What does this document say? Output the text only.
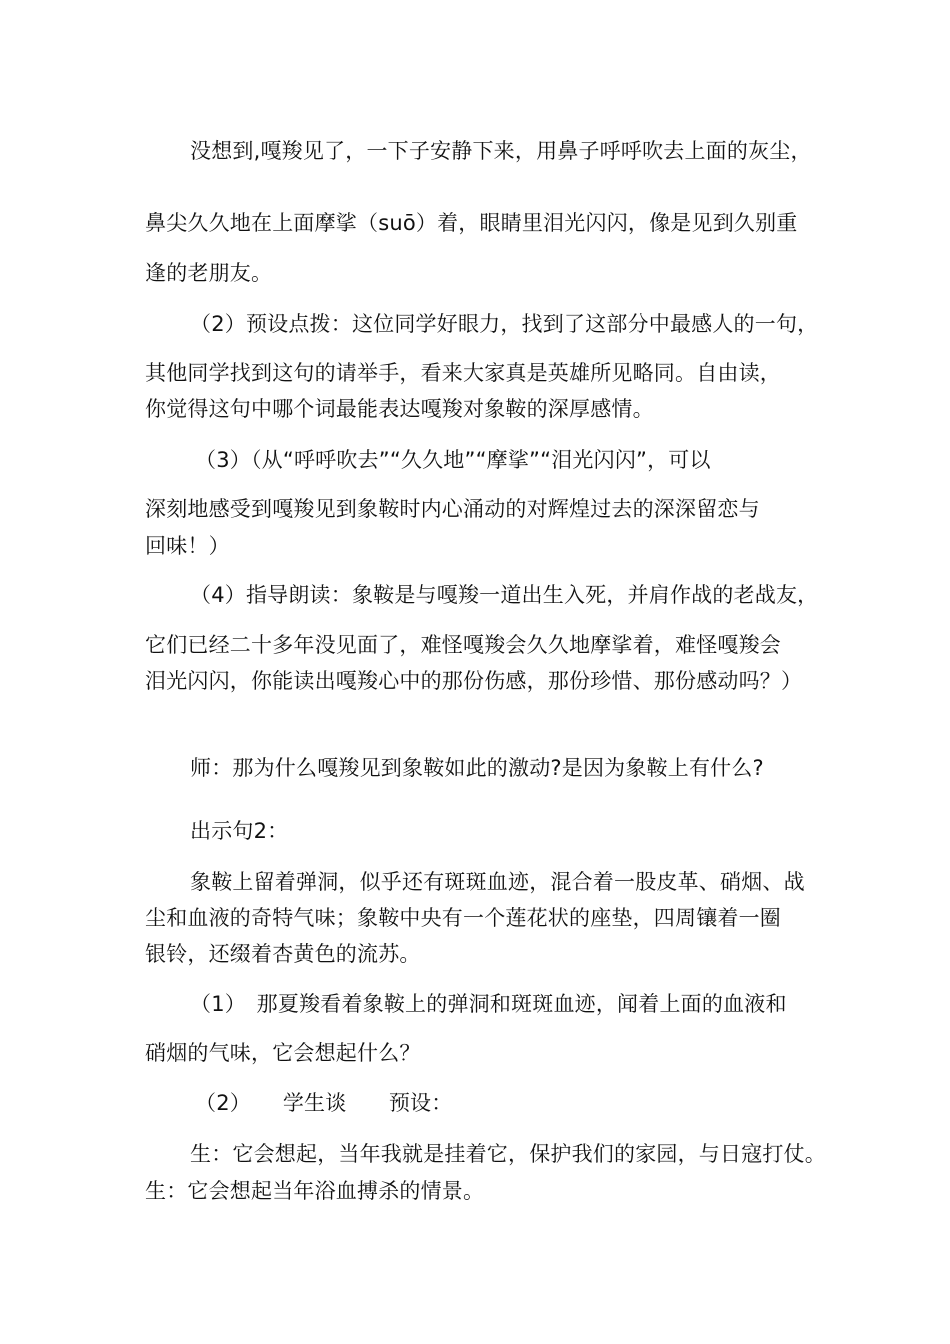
没想到,嘎羧见了，一下子安静下来，用鼻子呼呼吹去上面的灰尘，
鼻尖久久地在上面摩挲（suō）着，眼睛里泪光闪闪，像是见到久别重
逢的老朋友。
（2）预设点拨：这位同学好眼力，找到了这部分中最感人的一句，
其他同学找到这句的请举手，看来大家真是英雄所见略同。自由读，
你觉得这句中哪个词最能表达嘎羧对象鞍的深厚感情。
（3）（从“呼呼吹去”“久久地”“摩挲”“泪光闪闪”，可以
深刻地感受到嘎羧见到象鞍时内心涌动的对辉煌过去的深深留恋与
回味！）
（4）指导朗读：象鞍是与嘎羧一道出生入死，并肩作战的老战友，
它们已经二十多年没见面了，难怪嘎羧会久久地摩挲着，难怪嘎羧会
泪光闪闪，你能读出嘎羧心中的那份伤感，那份珍惜、那份感动吗？）
师：那为什么嘎羧见到象鞍如此的激动?是因为象鞍上有什么?
出示句2：
象鞍上留着弹洞，似乎还有斑斑血迹，混合着一股皮革、硝烟、战
尘和血液的奇特气味；象鞍中央有一个莲花状的座垫，四周镶着一圈
银铃，还缀着杏黄色的流苏。
（1）　那夏羧看着象鞍上的弹洞和斑斑血迹，闻着上面的血液和
硝烟的气味，它会想起什么？
（2）　　学生谈　　预设：
生：它会想起，当年我就是挂着它，保护我们的家园，与日寇打仗。
生：它会想起当年浴血搏杀的情景。
